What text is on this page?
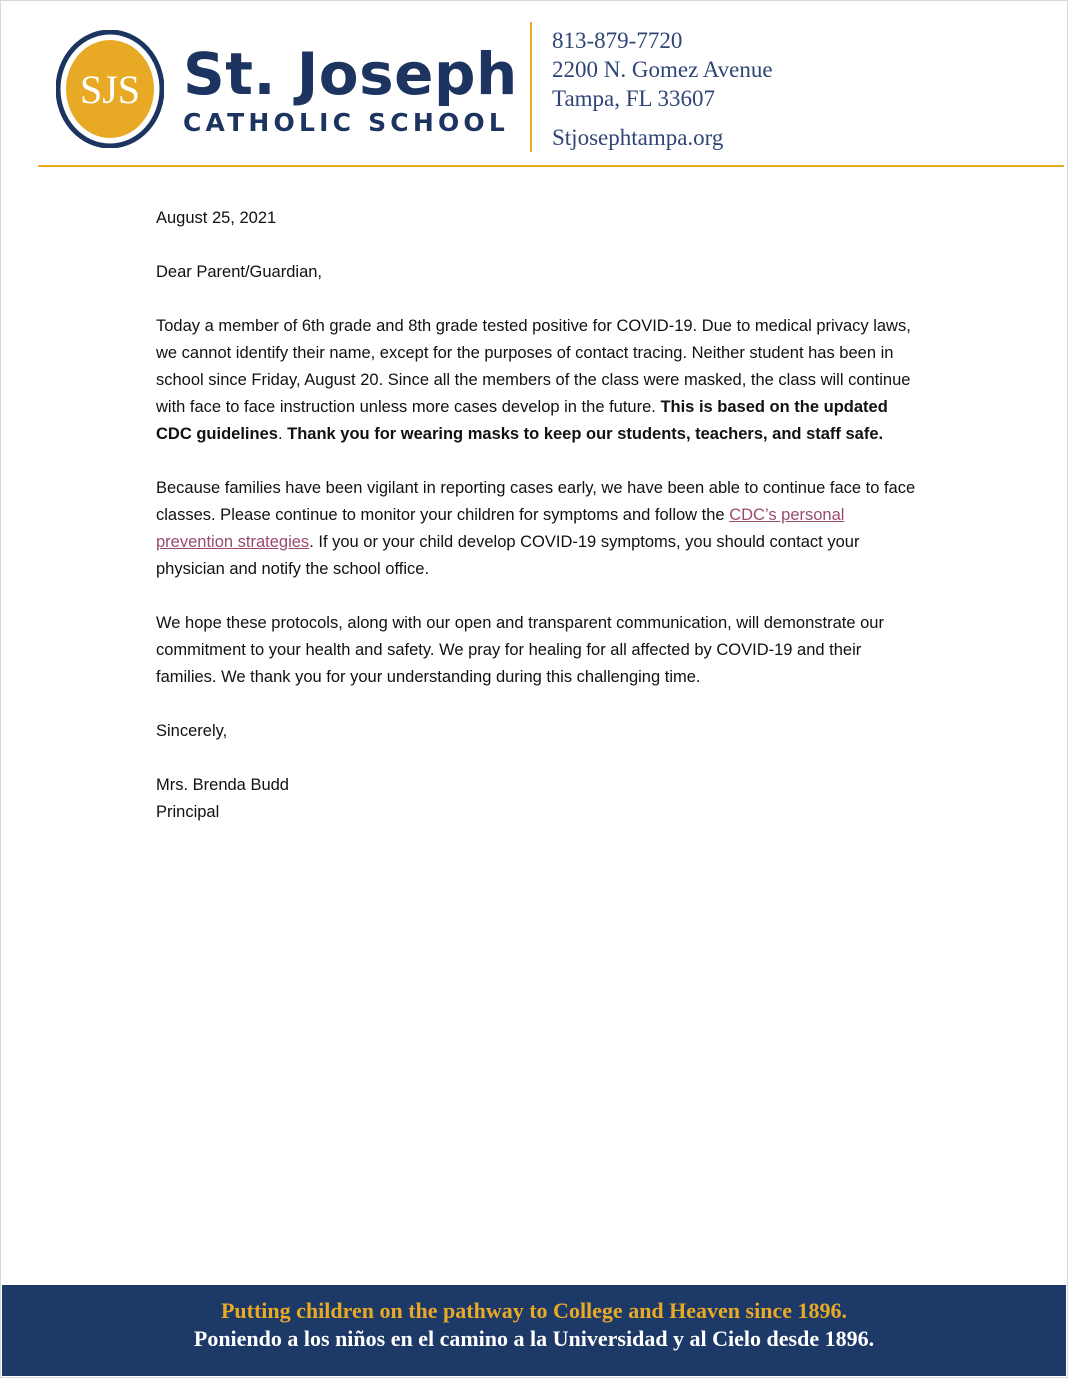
SJS St. Joseph
CATHOLIC SCHOOL
813-879-7720
2200 N. Gomez Avenue
Tampa, FL 33607
Stjosephtampa.org

August 25, 2021

Dear Parent/Guardian,

Today a member of 6th grade and 8th grade tested positive for COVID-19. Due to medical privacy laws, we cannot identify their name, except for the purposes of contact tracing. Neither student has been in school since Friday, August 20. Since all the members of the class were masked, the class will continue with face to face instruction unless more cases develop in the future. This is based on the updated CDC guidelines. Thank you for wearing masks to keep our students, teachers, and staff safe.

Because families have been vigilant in reporting cases early, we have been able to continue face to face classes. Please continue to monitor your children for symptoms and follow the CDC’s personal prevention strategies. If you or your child develop COVID-19 symptoms, you should contact your physician and notify the school office.

We hope these protocols, along with our open and transparent communication, will demonstrate our commitment to your health and safety. We pray for healing for all affected by COVID-19 and their families. We thank you for your understanding during this challenging time.

Sincerely,

Mrs. Brenda Budd

Principal

Putting children on the pathway to College and Heaven since 1896.
Poniendo a los niños en el camino a la Universidad y al Cielo desde 1896.
